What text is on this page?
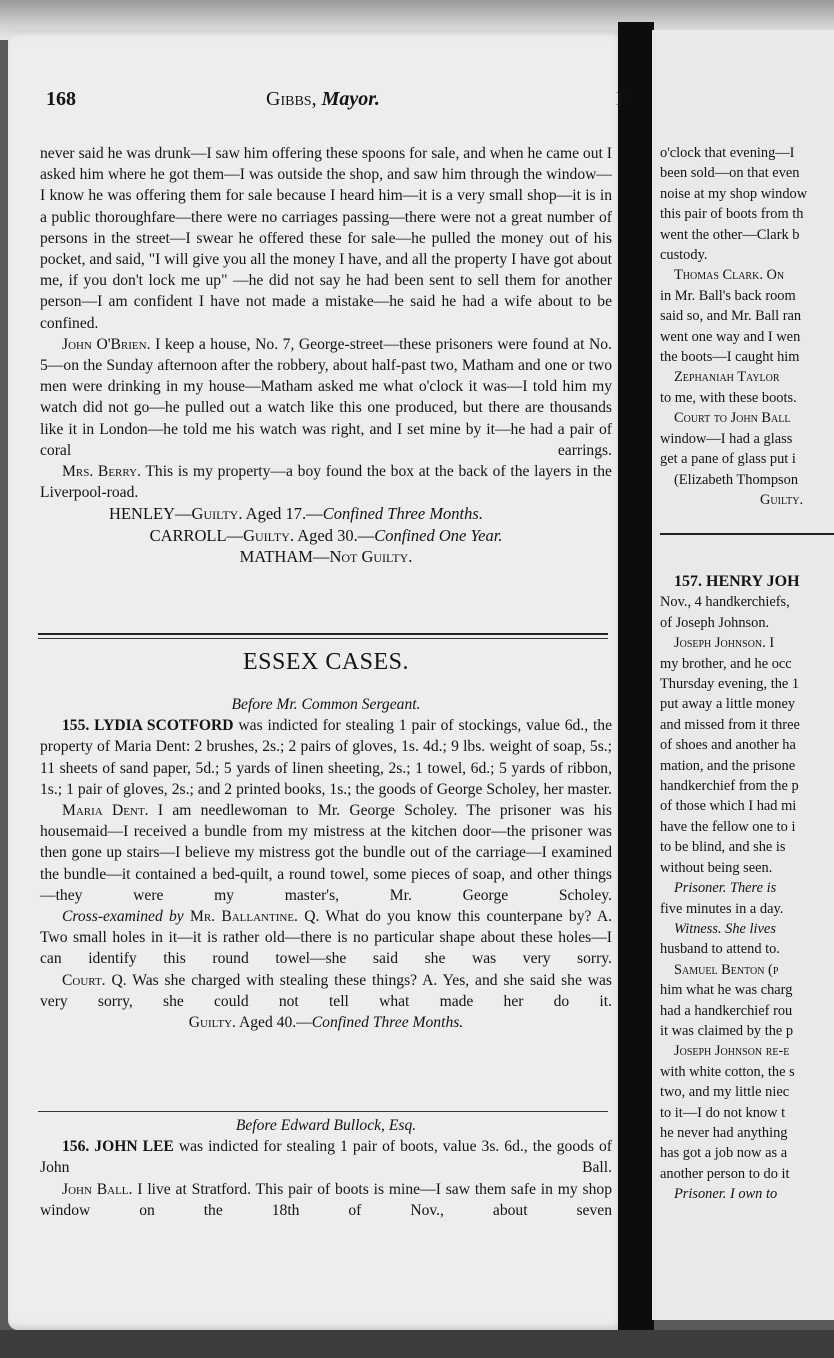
168	Gibbs, Mayor.	F

never said he was drunk—I saw him offering these spoons for sale, and when he came out I asked him where he got them—I was outside the shop, and saw him through the window—I know he was offering them for sale because I heard him—it is a very small shop—it is in a public thoroughfare—there were no carriages passing—there were not a great number of persons in the street—I swear he offered these for sale—he pulled the money out of his pocket, and said, "I will give you all the money I have, and all the property I have got about me, if you don't lock me up" —he did not say he had been sent to sell them for another person—I am confident I have not made a mistake—he said he had a wife about to be confined.

John O'Brien. I keep a house, No. 7, George-street—these prisoners were found at No. 5—on the Sunday afternoon after the robbery, about half-past two, Matham and one or two men were drinking in my house—Matham asked me what o'clock it was—I told him my watch did not go—he pulled out a watch like this one produced, but there are thousands like it in London—he told me his watch was right, and I set mine by it—he had a pair of coral earrings.

Mrs. Berry. This is my property—a boy found the box at the back of the layers in the Liverpool-road.

HENLEY—Guilty. Aged 17.—Confined Three Months.

CARROLL—Guilty. Aged 30.—Confined One Year.

MATHAM—Not Guilty.

ESSEX CASES.

Before Mr. Common Sergeant.

155. LYDIA SCOTFORD was indicted for stealing 1 pair of stockings, value 6d., the property of Maria Dent: 2 brushes, 2s.; 2 pairs of gloves, 1s. 4d.; 9 lbs. weight of soap, 5s.; 11 sheets of sand paper, 5d.; 5 yards of linen sheeting, 2s.; 1 towel, 6d.; 5 yards of ribbon, 1s.; 1 pair of gloves, 2s.; and 2 printed books, 1s.; the goods of George Scholey, her master.

Maria Dent. I am needlewoman to Mr. George Scholey. The prisoner was his housemaid—I received a bundle from my mistress at the kitchen door—the prisoner was then gone up stairs—I believe my mistress got the bundle out of the carriage—I examined the bundle—it contained a bed-quilt, a round towel, some pieces of soap, and other things—they were my master's, Mr. George Scholey.

Cross-examined by Mr. Ballantine. Q. What do you know this counterpane by? A. Two small holes in it—it is rather old—there is no particular shape about these holes—I can identify this round towel—she said she was very sorry.

Court. Q. Was she charged with stealing these things? A. Yes, and she said she was very sorry, she could not tell what made her do it.

Guilty. Aged 40.—Confined Three Months.

Before Edward Bullock, Esq.

156. JOHN LEE was indicted for stealing 1 pair of boots, value 3s. 6d., the goods of John Ball.

John Ball. I live at Stratford. This pair of boots is mine—I saw them safe in my shop window on the 18th of Nov., about seven

o'clock that evening—I

been sold—on that even

noise at my shop window

this pair of boots from th

went the other—Clark b

custody.

Thomas Clark. On

in Mr. Ball's back room

said so, and Mr. Ball ran

went one way and I wen

the boots—I caught him

Zephaniah Taylor

to me, with these boots.

Court to John Ball

window—I had a glass

get a pane of glass put i

(Elizabeth Thompson

Guilty.

157. HENRY JOH

Nov., 4 handkerchiefs,

of Joseph Johnson.

Joseph Johnson. I

my brother, and he occ

Thursday evening, the 1

put away a little money

and missed from it three

of shoes and another ha

mation, and the prisone

handkerchief from the p

of those which I had mi

have the fellow one to i

to be blind, and she is

without being seen.

Prisoner. There is

five minutes in a day.

Witness. She lives

husband to attend to.

Samuel Benton (p

him what he was charg

had a handkerchief rou

it was claimed by the p

Joseph Johnson re-e

with white cotton, the s

two, and my little niec

to it—I do not know t

he never had anything

has got a job now as a

another person to do it

Prisoner. I own to
